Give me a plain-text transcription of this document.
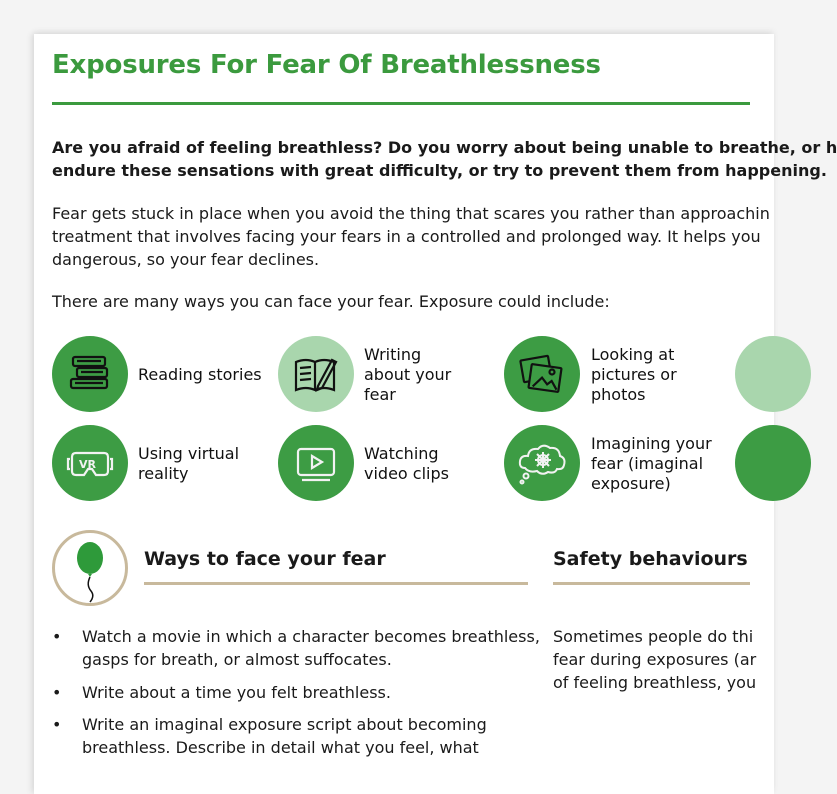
Exposures For Fear Of Breathlessness

Are you afraid of feeling breathless? Do you worry about being unable to breathe, or h
endure these sensations with great difficulty, or try to prevent them from happening.

Fear gets stuck in place when you avoid the thing that scares you rather than approachin
treatment that involves facing your fears in a controlled and prolonged way. It helps you
dangerous, so your fear declines.

There are many ways you can face your fear. Exposure could include:

Reading stories
Writing
about your
fear
Looking at
pictures or
photos
VR
Using virtual
reality
Watching
video clips
Imagining your
fear (imaginal
exposure)
Ways to face your fear	Safety behaviours
• Watch a movie in which a character becomes breathless,
gasps for breath, or almost suffocates.
• Write about a time you felt breathless.
• Write an imaginal exposure script about becoming
breathless. Describe in detail what you feel, what
Sometimes people do thi
fear during exposures (ar
of feeling breathless, you
